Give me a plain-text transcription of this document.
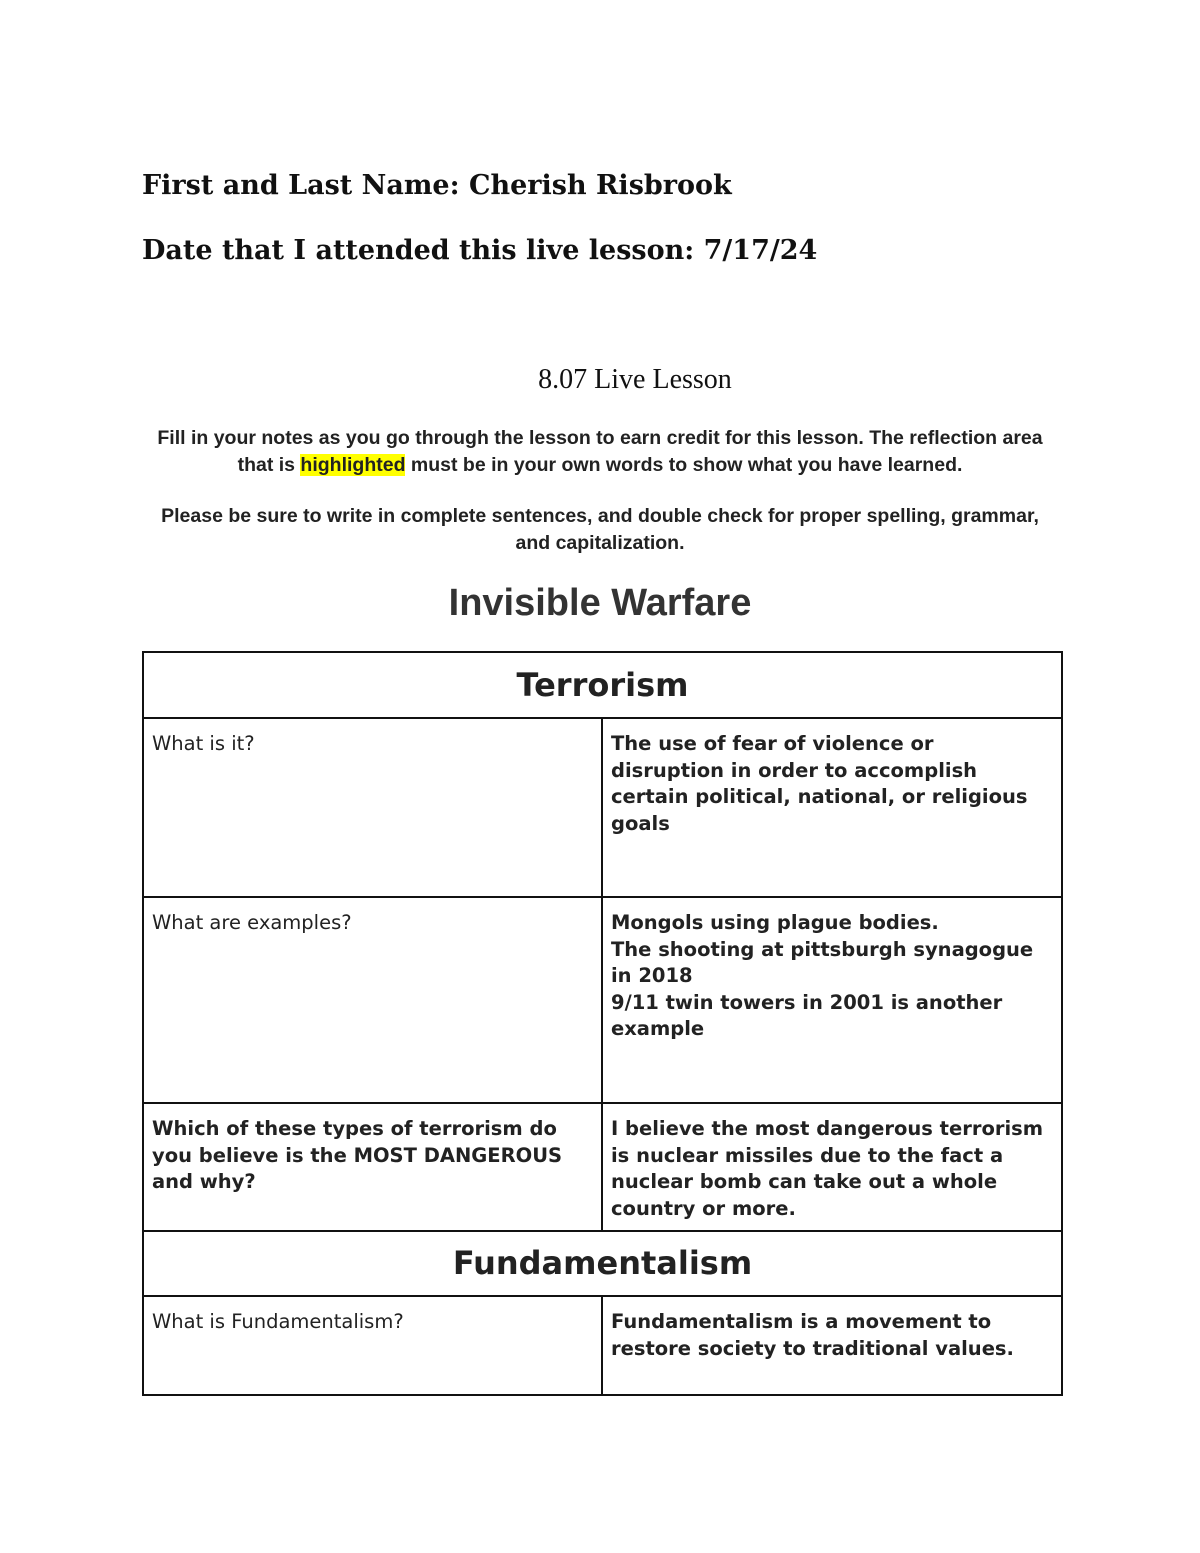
First and Last Name: Cherish Risbrook
Date that I attended this live lesson: 7/17/24
8.07 Live Lesson

Fill in your notes as you go through the lesson to earn credit for this lesson. The reflection area that is highlighted must be in your own words to show what you have learned.

Please be sure to write in complete sentences, and double check for proper spelling, grammar, and capitalization.

Invisible Warfare
Terrorism	
What is it?	The use of fear of violence or disruption in order to accomplish certain political, national, or religious goals

What are examples?	Mongols using plague bodies.
The shooting at pittsburgh synagogue in 2018
9/11 twin towers in 2001 is another example

Which of these types of terrorism do you believe is the MOST DANGEROUS and why?	I believe the most dangerous terrorism is nuclear missiles due to the fact a nuclear bomb can take out a whole country or more.

Fundamentalism	
What is Fundamentalism?	Fundamentalism is a movement to restore society to traditional values.
